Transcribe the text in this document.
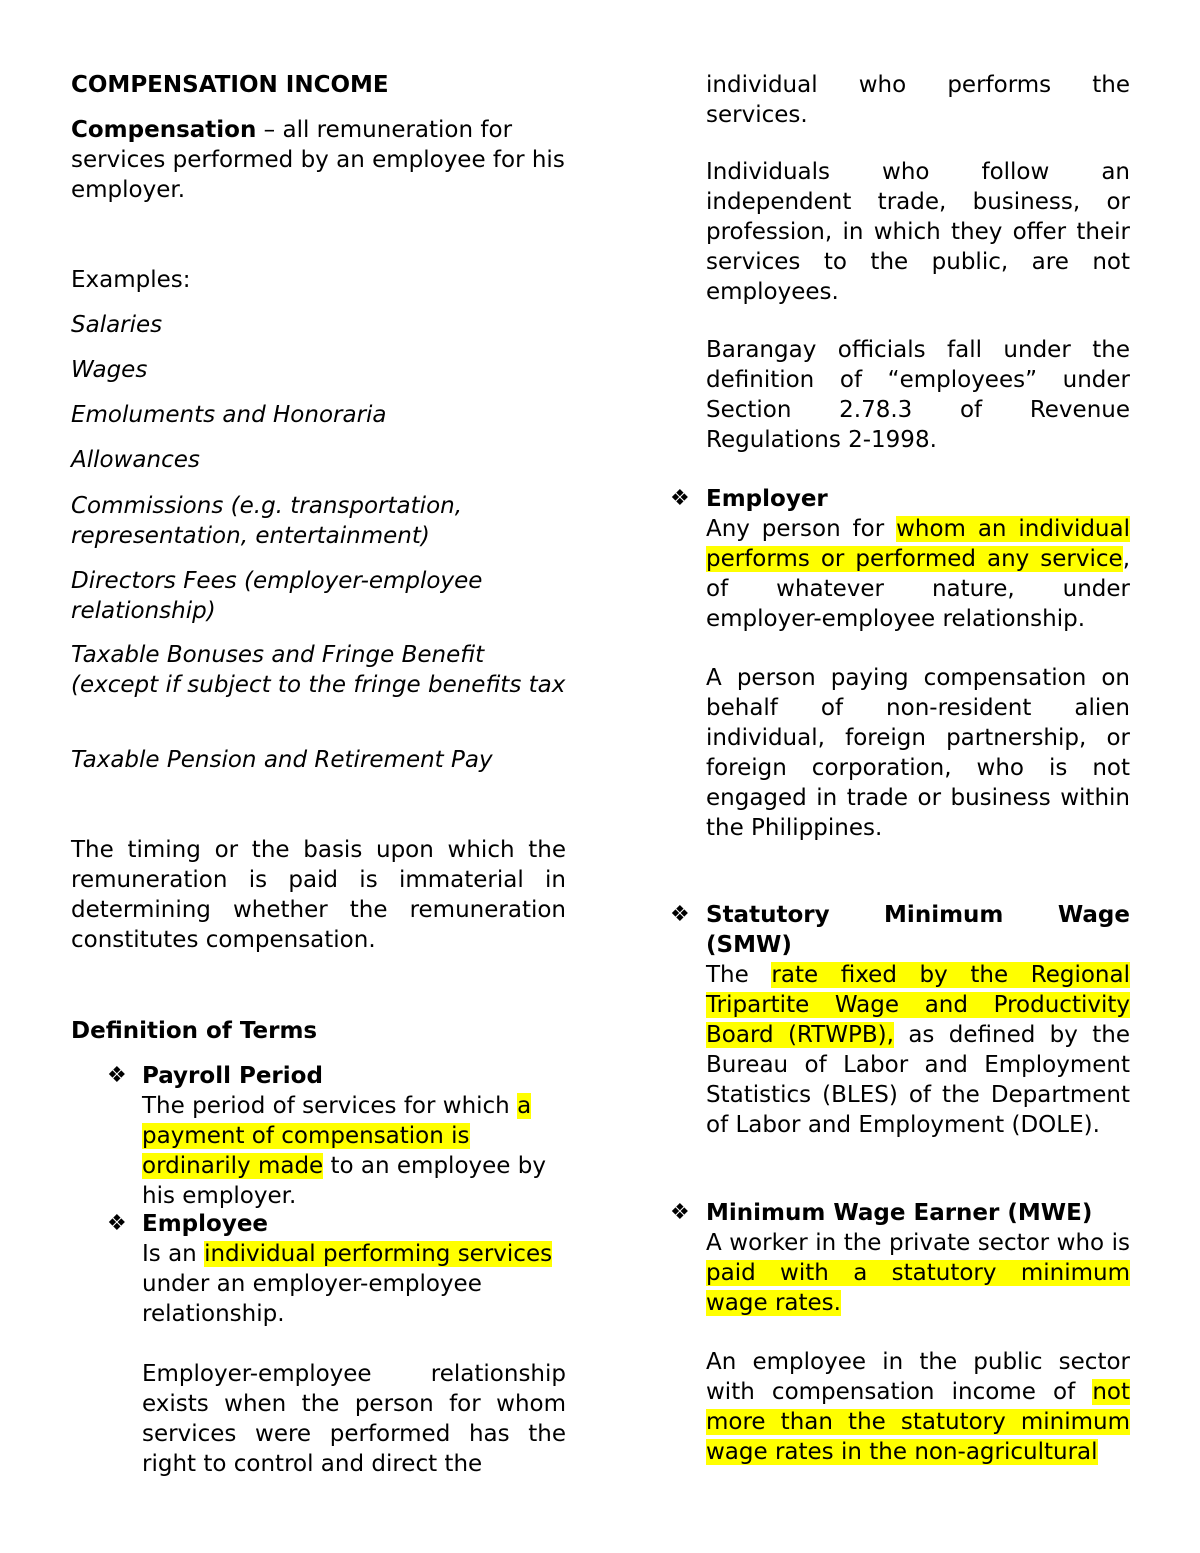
COMPENSATION INCOME

Compensation – all remuneration for services performed by an employee for his employer.

Examples:

Salaries

Wages

Emoluments and Honoraria

Allowances

Commissions (e.g. transportation, representation, entertainment)

Directors Fees (employer-employee relationship)

Taxable Bonuses and Fringe Benefit (except if subject to the fringe benefits tax

Taxable Pension and Retirement Pay

The timing or the basis upon which the remuneration is paid is immaterial in determining whether the remuneration constitutes compensation.

Definition of Terms

❖ Payroll Period

The period of services for which a payment of compensation is ordinarily made to an employee by his employer.

❖ Employee

Is an individual performing services under an employer-employee relationship.

Employer-employee relationship exists when the person for whom services were performed has the right to control and direct the

individual who performs the services.

Individuals who follow an independent trade, business, or profession, in which they offer their services to the public, are not employees.

Barangay officials fall under the definition of “employees” under Section 2.78.3 of Revenue Regulations 2-1998.

❖ Employer

Any person for whom an individual performs or performed any service, of whatever nature, under employer-employee relationship.

A person paying compensation on behalf of non-resident alien individual, foreign partnership, or foreign corporation, who is not engaged in trade or business within the Philippines.

❖ Statutory Minimum Wage (SMW)

The rate fixed by the Regional Tripartite Wage and Productivity Board (RTWPB), as defined by the Bureau of Labor and Employment Statistics (BLES) of the Department of Labor and Employment (DOLE).

❖ Minimum Wage Earner (MWE)

A worker in the private sector who is paid with a statutory minimum wage rates.

An employee in the public sector with compensation income of not more than the statutory minimum wage rates in the non-agricultural
